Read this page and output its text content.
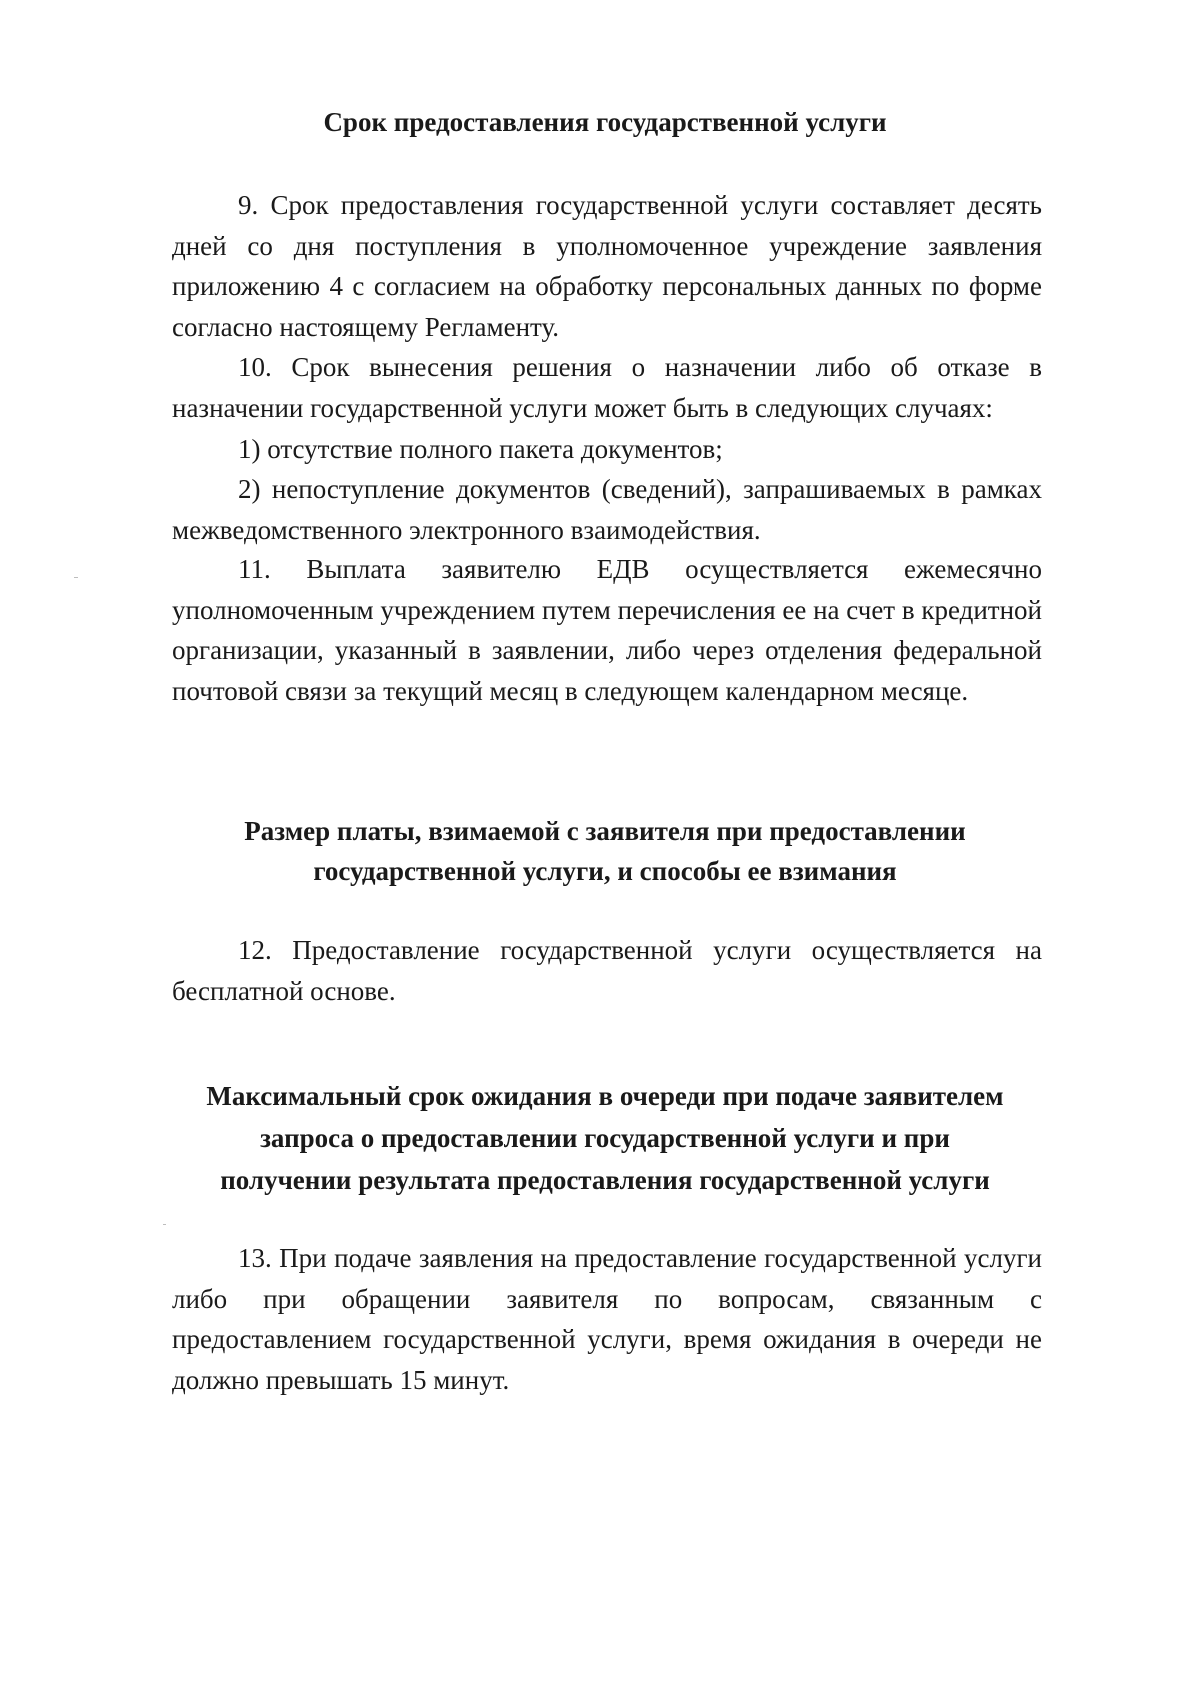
Срок предоставления государственной услуги

9. Срок предоставления государственной услуги составляет десять дней со дня поступления в уполномоченное учреждение заявления приложению 4 с согласием на обработку персональных данных по форме согласно настоящему Регламенту.

10. Срок вынесения решения о назначении либо об отказе в назначении государственной услуги может быть в следующих случаях:

1) отсутствие полного пакета документов;

2) непоступление документов (сведений), запрашиваемых в рамках межведомственного электронного взаимодействия.

11. Выплата заявителю ЕДВ осуществляется ежемесячно уполномоченным учреждением путем перечисления ее на счет в кредитной организации, указанный в заявлении, либо через отделения федеральной почтовой связи за текущий месяц в следующем календарном месяце.

Размер платы, взимаемой с заявителя при предоставлении
государственной услуги, и способы ее взимания

12. Предоставление государственной услуги осуществляется на бесплатной основе.

Максимальный срок ожидания в очереди при подаче заявителем
запроса о предоставлении государственной услуги и при
получении результата предоставления государственной услуги

13. При подаче заявления на предоставление государственной услуги либо при обращении заявителя по вопросам, связанным с предоставлением государственной услуги, время ожидания в очереди не должно превышать 15 минут.
